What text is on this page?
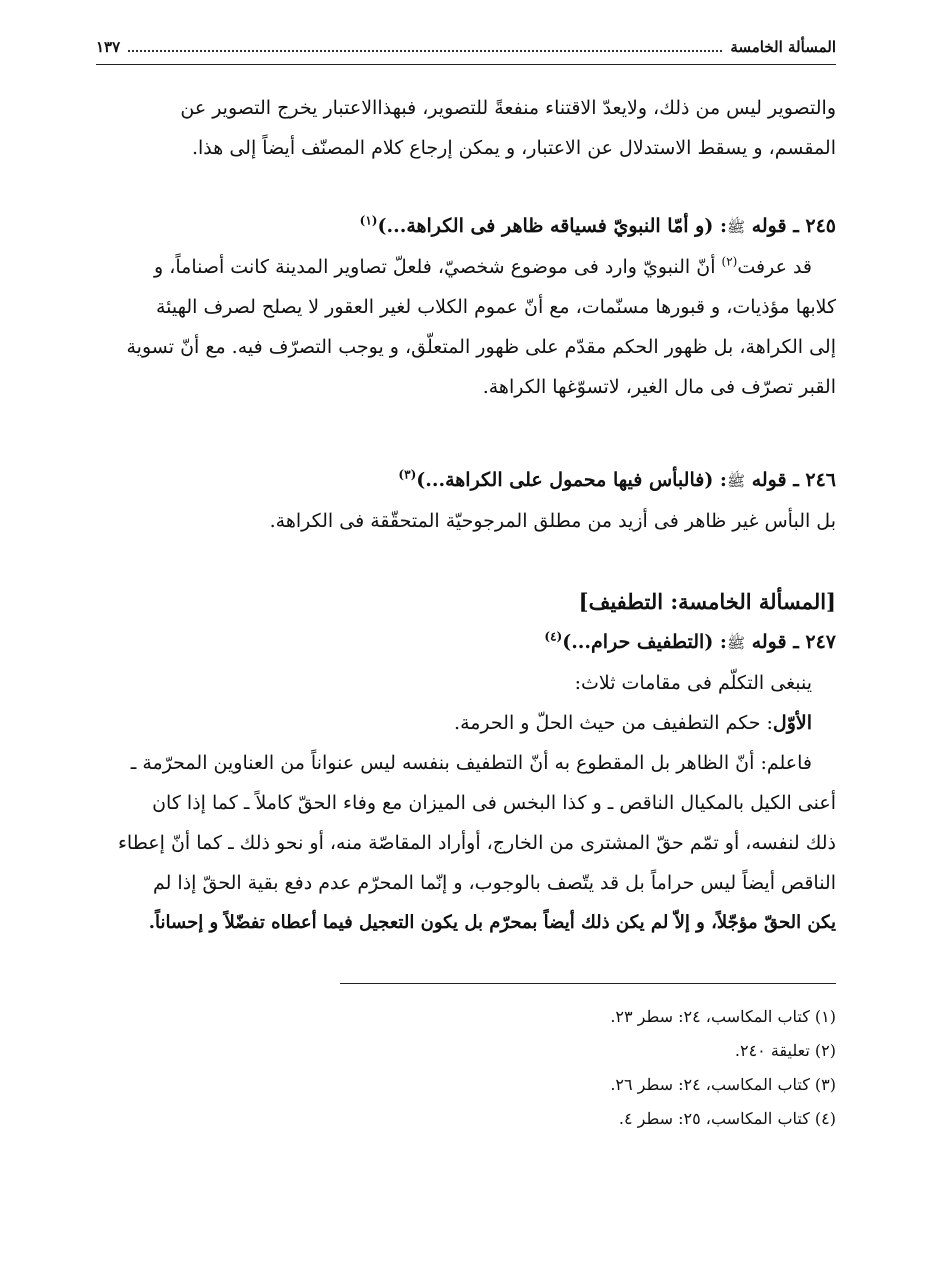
المسألة الخامسة
١٣٧

والتصوير ليس من ذلك، ولايعدّ الاقتناء منفعةً للتصوير، فبهذاالاعتبار يخرج التصوير عن

المقسم، و يسقط الاستدلال عن الاعتبار، و يمكن إرجاع كلام المصنّف أيضاً إلى هذا.

٢٤٥ ـ قوله ﷺ: (و أمّا النبويّ فسياقه ظاهر فى الكراهة...)$^{(١)}$

قد عرفت$^{(٢)}$ أنّ النبويّ وارد فى موضوع شخصيّ، فلعلّ تصاوير المدينة كانت أصناماً، و

كلابها مؤذيات، و قبورها مسنّمات، مع أنّ عموم الكلاب لغير العقور لا يصلح لصرف الهيئة

إلى الكراهة، بل ظهور الحكم مقدّم على ظهور المتعلّق، و يوجب التصرّف فيه. مع أنّ تسوية

القبر تصرّف فى مال الغير، لاتسوّغها الكراهة.

٢٤٦ ـ قوله ﷺ: (فالبأس فيها محمول على الكراهة...)$^{(٣)}$

بل البأس غير ظاهر فى أزيد من مطلق المرجوحيّة المتحقّقة فى الكراهة.

[المسألة الخامسة: التطفيف]

٢٤٧ ـ قوله ﷺ: (التطفيف حرام...)$^{(٤)}$

ينبغى التكلّم فى مقامات ثلاث:

الأوّل: حكم التطفيف من حيث الحلّ و الحرمة.

فاعلم: أنّ الظاهر بل المقطوع به أنّ التطفيف بنفسه ليس عنواناً من العناوين المحرّمة ـ

أعنى الكيل بالمكيال الناقص ـ و كذا البخس فى الميزان مع وفاء الحقّ كاملاً ـ كما إذا كان

ذلك لنفسه، أو تمّم حقّ المشترى من الخارج، أوأراد المقاصّة منه، أو نحو ذلك ـ كما أنّ إعطاء

الناقص أيضاً ليس حراماً بل قد يتّصف بالوجوب، و إنّما المحرّم عدم دفع بقية الحقّ إذا لم

يكن الحقّ مؤجّلاً، و إلاّ لم يكن ذلك أيضاً بمحرّم بل يكون التعجيل فيما أعطاه تفضّلاً و إحساناً.

(١) كتاب المكاسب، ٢٤: سطر ٢٣.

(٢) تعليقة ٢٤٠.

(٣) كتاب المكاسب، ٢٤: سطر ٢٦.

(٤) كتاب المكاسب، ٢٥: سطر ٤.
